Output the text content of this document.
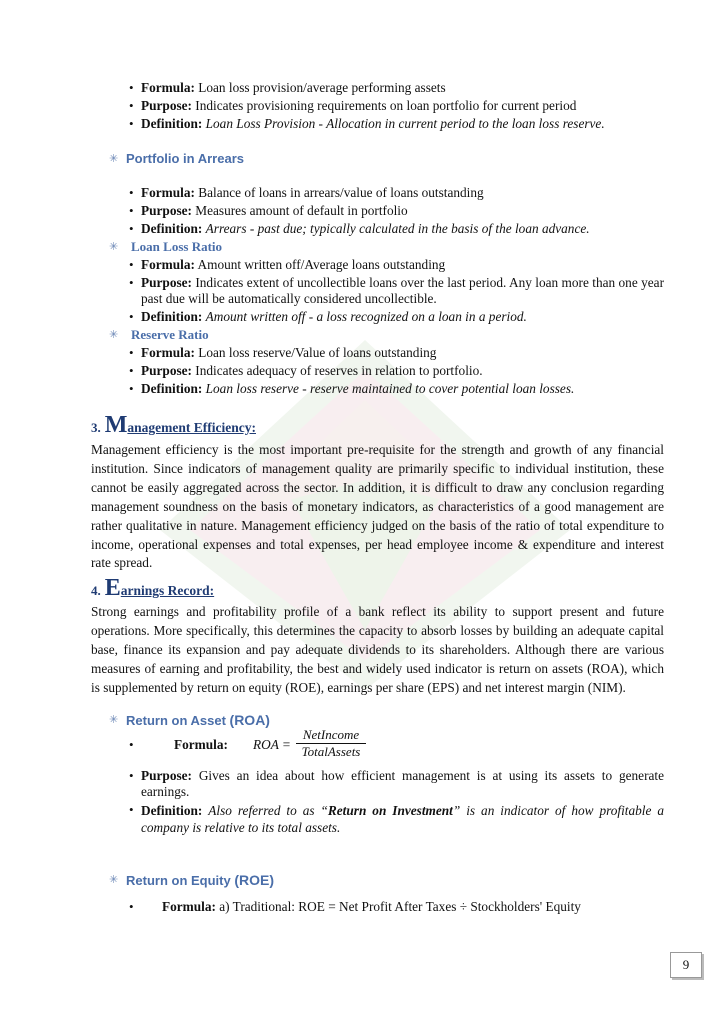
• Formula: Loan loss provision/average performing assets
• Purpose: Indicates provisioning requirements on loan portfolio for current period
• Definition: Loan Loss Provision - Allocation in current period to the loan loss reserve.
✳ Portfolio in Arrears
• Formula: Balance of loans in arrears/value of loans outstanding
• Purpose: Measures amount of default in portfolio
• Definition: Arrears - past due; typically calculated in the basis of the loan advance.
✳ Loan Loss Ratio
• Formula: Amount written off/Average loans outstanding
• Purpose: Indicates extent of uncollectible loans over the last period. Any loan more than one year past due will be automatically considered uncollectible.
• Definition: Amount written off - a loss recognized on a loan in a period.
✳ Reserve Ratio
• Formula: Loan loss reserve/Value of loans outstanding
• Purpose: Indicates adequacy of reserves in relation to portfolio.
• Definition: Loan loss reserve - reserve maintained to cover potential loan losses.
3. Management Efficiency:
Management efficiency is the most important pre-requisite for the strength and growth of any financial institution. Since indicators of management quality are primarily specific to individual institution, these cannot be easily aggregated across the sector. In addition, it is difficult to draw any conclusion regarding management soundness on the basis of monetary indicators, as characteristics of a good management are rather qualitative in nature. Management efficiency judged on the basis of the ratio of total expenditure to income, operational expenses and total expenses, per head employee income & expenditure and interest rate spread.
4. Earnings Record:
Strong earnings and profitability profile of a bank reflect its ability to support present and future operations. More specifically, this determines the capacity to absorb losses by building an adequate capital base, finance its expansion and pay adequate dividends to its shareholders. Although there are various measures of earning and profitability, the best and widely used indicator is return on assets (ROA), which is supplemented by return on equity (ROE), earnings per share (EPS) and net interest margin (NIM).
✳ Return on Asset (ROA)
•	Formula: ROA =
NetIncome
TotalAssets
• Purpose: Gives an idea about how efficient management is at using its assets to generate earnings.
• Definition: Also referred to as “Return on Investment” is an indicator of how profitable a company is relative to its total assets.
✳ Return on Equity (ROE)
• Formula: a) Traditional: ROE = Net Profit After Taxes ÷ Stockholders' Equity
9
